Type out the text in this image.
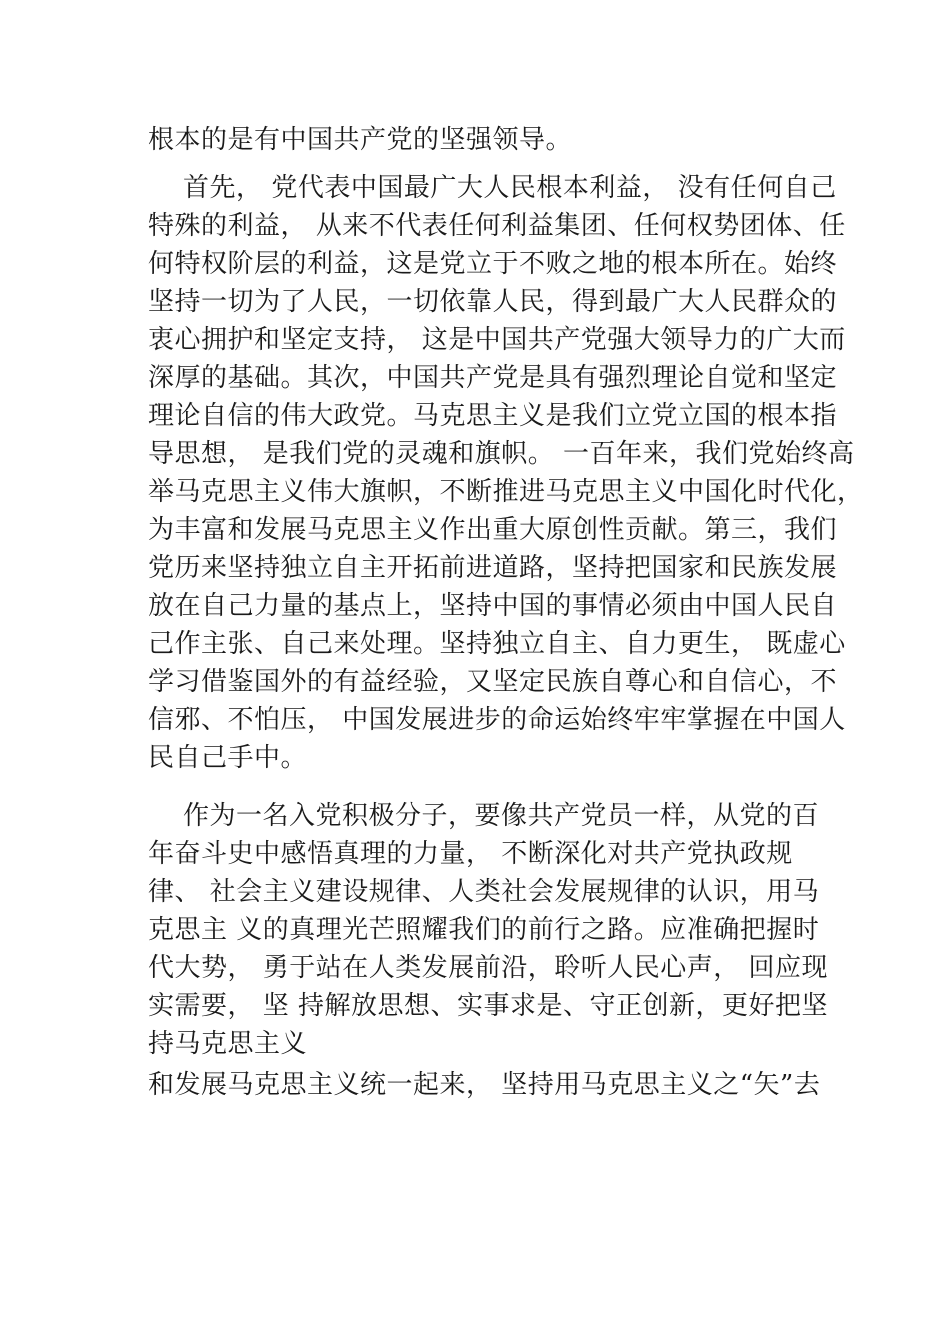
根本的是有中国共产党的坚强领导。
首先， 党代表中国最广大人民根本利益， 没有任何自己
特殊的利益， 从来不代表任何利益集团、任何权势团体、任
何特权阶层的利益，这是党立于不败之地的根本所在。始终
坚持一切为了人民，一切依靠人民，得到最广大人民群众的
衷心拥护和坚定支持， 这是中国共产党强大领导力的广大而
深厚的基础。其次，中国共产党是具有强烈理论自觉和坚定
理论自信的伟大政党。马克思主义是我们立党立国的根本指
导思想， 是我们党的灵魂和旗帜。 一百年来，我们党始终高
举马克思主义伟大旗帜，不断推进马克思主义中国化时代化，
为丰富和发展马克思主义作出重大原创性贡献。第三，我们
党历来坚持独立自主开拓前进道路，坚持把国家和民族发展
放在自己力量的基点上，坚持中国的事情必须由中国人民自
己作主张、自己来处理。坚持独立自主、自力更生， 既虚心
学习借鉴国外的有益经验，又坚定民族自尊心和自信心，不
信邪、不怕压， 中国发展进步的命运始终牢牢掌握在中国人
民自己手中。
作为一名入党积极分子，要像共产党员一样，从党的百
年奋斗史中感悟真理的力量， 不断深化对共产党执政规
律、 社会主义建设规律、人类社会发展规律的认识，用马
克思主 义的真理光芒照耀我们的前行之路。应准确把握时
代大势， 勇于站在人类发展前沿，聆听人民心声， 回应现
实需要， 坚 持解放思想、实事求是、守正创新，更好把坚
持马克思主义
和发展马克思主义统一起来， 坚持用马克思主义之“矢”去
